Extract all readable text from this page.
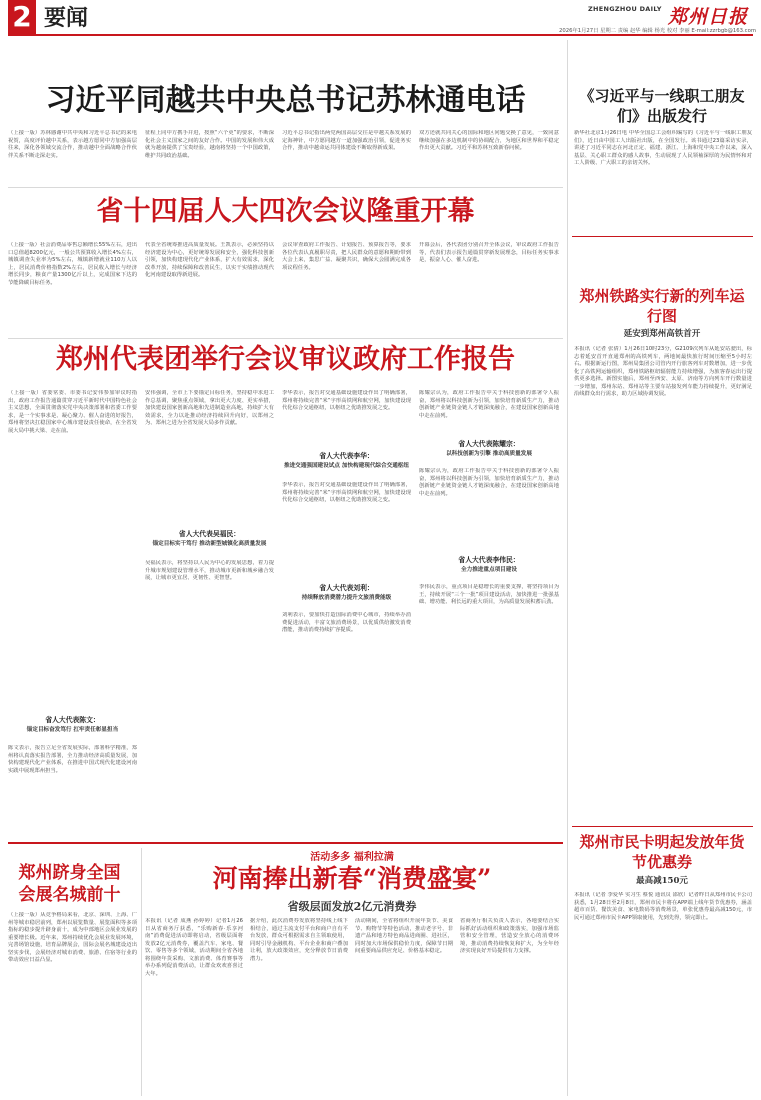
2 要闻	ZHENGZHOU DAILY 郑州日报
2026年1月27日 星期二 责编 赵华 编辑 杨光 校对 李丽 E-mail:zzrbgb@163.com
习近平同越共中央总书记苏林通电话
（上接一版）苏林感谢中共中央和习近平总书记的来电祝贺，高度评价越中关系，表示越方愿同中方加强高层往来，深化各领域交流合作，推动越中全面战略合作伙伴关系不断走深走实。
征程上同中方携手并进，按照“六个更”的要求，不断深化社会主义国家之间的友好合作。中国的发展和伟大成就为越南提供了宝贵经验，越南将坚持一个中国政策，维护共同政治基础。
习近平总书记指出两党两国高层交往是中越关系发展的定海神针，中方愿同越方一道加强政治引领，促进务实合作，推动中越命运共同体建设不断取得新成果。
双方还就共同关心的国际和地区问题交换了意见，一致同意继续加强在多边机制中的协调配合，为地区和世界和平稳定作出更大贡献。习近平和苏林互致新春问候。
省十四届人大四次会议隆重开幕
（上接一版）社会消费品零售总额增长55%左右，进出口总值超8200亿元，一般公共预算收入增长4%左右，城镇调查失业率为5%左右，城镇新增就业110万人以上，居民消费价格指数2%左右，居民收入增长与经济增长同步，粮食产量1300亿斤以上，完成国家下达的节能降碳目标任务。
代表全省统筹推进高质量发展。王凯表示，必须坚持以经济建设为中心，更好统筹发展和安全，强化科技创新引领，加快构建现代化产业体系，扩大有效需求，深化改革开放，持续保障和改善民生，以实干实绩推动现代化河南建设取得新进展。
会议审查政府工作报告、计划报告、预算报告等，要求各位代表认真履职尽责，把人民群众的意愿和期盼带到大会上来，集思广益、凝聚共识，确保大会圆满完成各项议程任务。
开幕会后，各代表团分别召开全体会议，审议政府工作报告等，代表们表示报告通篇贯穿新发展理念，目标任务实事求是，振奋人心、催人奋进。
郑州代表团举行会议审议政府工作报告
（上接一版）省委常委、市委书记安伟参加审议时指出，政府工作报告通篇贯穿习近平新时代中国特色社会主义思想，全面贯彻落实党中央决策部署和省委工作要求，是一个实事求是、凝心聚力、催人奋进的好报告，郑州将坚决扛稳国家中心城市建设责任使命，在全省发展大局中挑大梁、走在前。
省人大代表陈文：
锚定目标奋发笃行 扛牢责任彰显担当
陈文表示，报告立足全省发展实际，部署科学精准，郑州将认真落实报告部署，全力推动经济高质量发展，加快构建现代化产业体系，在推进中国式现代化建设河南实践中展现郑州担当。
安伟强调，全市上下要锚定目标任务，坚持稳中求进工作总基调，聚焦重点领域，拿出更大力度、更实举措，加快建设国家创新高地和先进制造业高地，持续扩大有效需求，全力以赴推动经济持续回升向好，以郑州之为、郑州之进为全省发展大局多作贡献。
省人大代表吴福民：
锚定目标实干笃行 推动新型城镇化高质量发展
吴福民表示，将坚持以人民为中心的发展思想，着力提升城市规划建设管理水平，推动城市更新和城乡融合发展，让城市更宜居、更韧性、更智慧。
李华表示，报告对交通基础设施建设作出了明确部署，郑州将持续完善“米”字形高铁网和航空网，加快建设现代化综合交通枢纽，以枢纽之优助推发展之变。
省人大代表李华：
推进交通强国建设试点 加快构建现代综合交通枢纽
李华表示，报告对交通基础设施建设作出了明确部署，郑州将持续完善“米”字形高铁网和航空网，加快建设现代化综合交通枢纽，以枢纽之优助推发展之变。
省人大代表刘利：
持续释放消费潜力提升文旅消费能级
刘利表示，要加快打造国际消费中心城市，持续举办消费促进活动，丰富文旅消费场景，以优质供给激发消费潜能，推动消费持续扩容提质。
陈耀宗认为，政府工作报告中关于科技创新的部署令人振奋，郑州将以科技创新为引领，加快培育新质生产力，推动创新链产业链资金链人才链深度融合，在建设国家创新高地中走在前列。
省人大代表陈耀宗：
以科技创新为引擎 推动高质量发展
陈耀宗认为，政府工作报告中关于科技创新的部署令人振奋，郑州将以科技创新为引领，加快培育新质生产力，推动创新链产业链资金链人才链深度融合，在建设国家创新高地中走在前列。
省人大代表李伟民：
全力推进重点项目建设
李伟民表示，重点项目是稳增长的重要支撑，将坚持项目为王，持续开展“三个一批”项目建设活动，加快推进一批强基础、增功能、利长远的重大项目，为高质量发展积蓄后劲。
郑州跻身全国会展名城前十
（上接一版）从竞争格局来看，北京、深圳、上海、广州等城市稳居前列，郑州以展览数量、展览面积等多项指标的稳步提升跻身前十，成为中部地区会展业发展的重要增长极。近年来，郑州持续优化会展业发展环境，完善场馆设施，培育品牌展会，国际会展名城建设迈出坚实步伐，会展经济对城市消费、旅游、住宿等行业的带动效应日益凸显。
活动多多 福利拉满
河南捧出新春“消费盛宴”
省级层面发放2亿元消费券
本报讯（记者 成燕 孙婷婷）记者1月26日从省商务厅获悉，“乐购新春·乐享河南”消费促进活动即将启动，省级层面将发放2亿元消费券，覆盖汽车、家电、餐饮、零售等多个领域，活动期间全省各地将围绕年货采购、文旅消费、体育赛事等举办系列促消费活动，让群众欢欢喜喜过大年。
据介绍，此次消费券发放将坚持线上线下相结合，通过主流支付平台和商户自有平台发放，群众可根据需求自主领取使用，同时引导金融机构、平台企业和商户叠加让利，放大政策效应，充分释放节日消费潜力。
活动期间，全省将组织开展年货节、美食节、购物节等特色活动，推动老字号、非遗产品和地方特色商品进商圈、进社区，同时加大市场保供稳价力度，保障节日期间重要商品供应充足、价格基本稳定。
省商务厅相关负责人表示，各地要结合实际抓好活动组织和政策落实，加强市场监管和安全管理，营造安全放心的消费环境，推动消费持续恢复和扩大，为全年经济实现良好开局提供有力支撑。
《习近平与一线职工朋友们》出版发行
新华社北京1月26日电 中华全国总工会组织编写的《习近平与一线职工朋友们》，近日由中国工人出版社出版，在全国发行。该书通过23篇采访实录，讲述了习近平同志在河北正定、福建、浙江、上海和党中央工作以来，深入基层、关心职工群众的感人故事，生动展现了人民领袖深厚的为民情怀和对工人阶级、广大职工的亲切关怀。
郑州铁路实行新的列车运行图
延安到郑州高铁首开
本报讯（记者 张倩）1月26日10时23分，G2109次列车从延安站驶出，标志着延安首开直通郑州的高铁列车，两地间最快旅行时间压缩至5小时左右。根据新运行图，郑州局集团公司管内开行旅客列车对数增加，进一步优化了高铁网运输组织，郑州铁路枢纽辐射能力持续增强，为旅客春运出行提供更多选择。新图实施后，郑州至西安、太原、济南等方向列车开行数量进一步增加，郑州东站、郑州站等主要车站接发列车能力持续提升，更好满足沿线群众出行需求，助力区域协调发展。
郑州市民卡明起发放年货节优惠券
最高减150元
本报讯（记者 李爱华 实习生 蔡悦 通讯员 邵欣）记者昨日从郑州市民卡公司获悉，1月28日至2月8日，郑州市民卡将在APP端上线年货节优惠券，涵盖超市百货、餐饮美食、家电数码等消费场景，单张优惠券最高减150元，市民可通过郑州市民卡APP领取使用，先到先得，领完即止。
